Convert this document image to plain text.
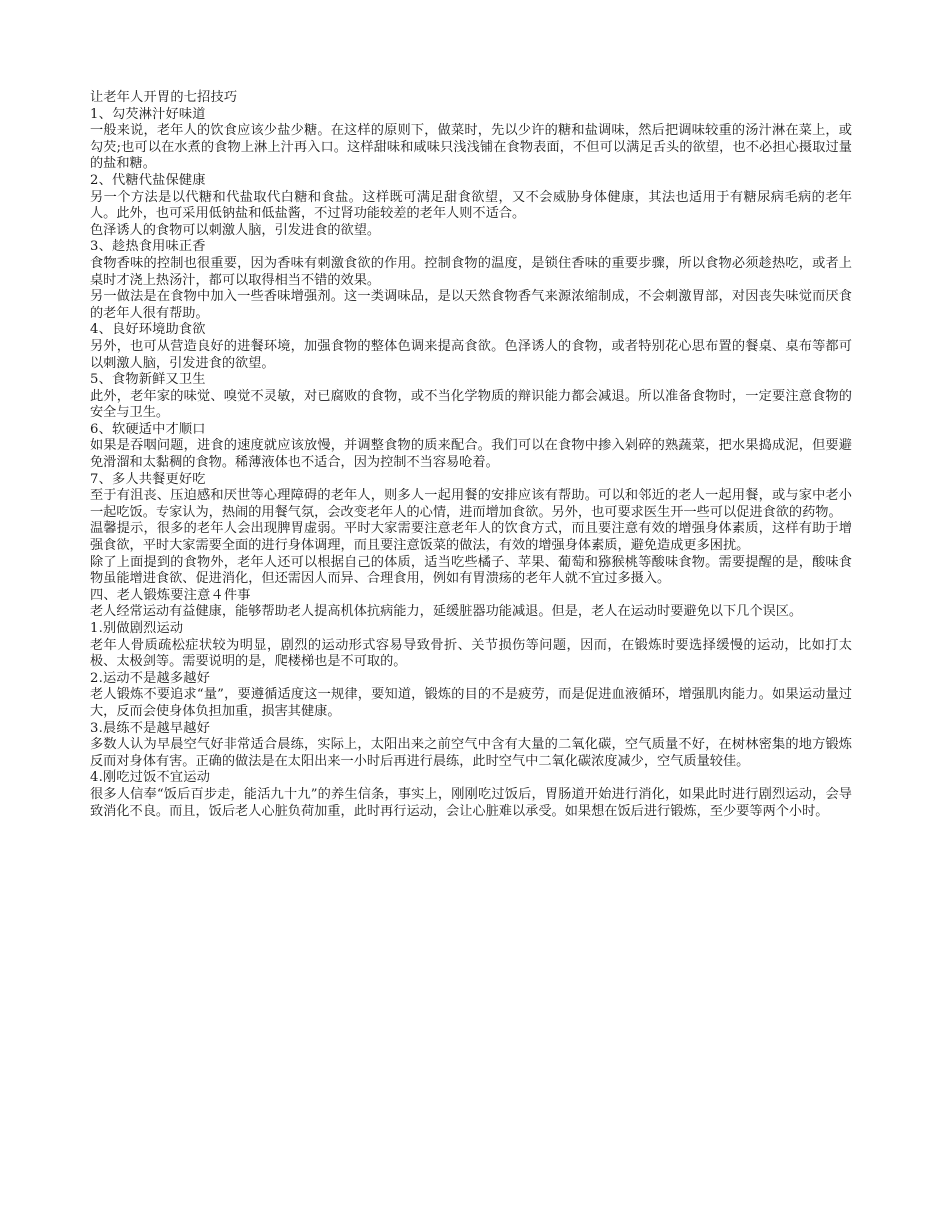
让老年人开胃的七招技巧

1、勾芡淋汁好味道

一般来说，老年人的饮食应该少盐少糖。在这样的原则下，做菜时，先以少许的糖和盐调味，然后把调味较重的汤汁淋在菜上，或勾芡;也可以在水煮的食物上淋上汁再入口。这样甜味和咸味只浅浅铺在食物表面，不但可以满足舌头的欲望，也不必担心摄取过量的盐和糖。

2、代糖代盐保健康

另一个方法是以代糖和代盐取代白糖和食盐。这样既可满足甜食欲望，又不会威胁身体健康，其法也适用于有糖尿病毛病的老年人。此外，也可采用低钠盐和低盐酱，不过肾功能较差的老年人则不适合。

色泽诱人的食物可以刺激人脑，引发进食的欲望。

3、趁热食用味正香

食物香味的控制也很重要，因为香味有刺激食欲的作用。控制食物的温度，是锁住香味的重要步骤，所以食物必须趁热吃，或者上桌时才浇上热汤汁，都可以取得相当不错的效果。

另一做法是在食物中加入一些香味增强剂。这一类调味品，是以天然食物香气来源浓缩制成，不会刺激胃部，对因丧失味觉而厌食的老年人很有帮助。

4、良好环境助食欲

另外，也可从营造良好的进餐环境，加强食物的整体色调来提高食欲。色泽诱人的食物，或者特别花心思布置的餐桌、桌布等都可以刺激人脑，引发进食的欲望。

5、食物新鲜又卫生

此外，老年家的味觉、嗅觉不灵敏，对已腐败的食物，或不当化学物质的辩识能力都会减退。所以准备食物时，一定要注意食物的安全与卫生。

6、软硬适中才顺口

如果是吞咽问题，进食的速度就应该放慢，并调整食物的质来配合。我们可以在食物中掺入剁碎的熟蔬菜，把水果捣成泥，但要避免滑溜和太黏稠的食物。稀薄液体也不适合，因为控制不当容易呛着。

7、多人共餐更好吃

至于有沮丧、压迫感和厌世等心理障碍的老年人，则多人一起用餐的安排应该有帮助。可以和邻近的老人一起用餐，或与家中老小一起吃饭。专家认为，热闹的用餐气氛，会改变老年人的心情，进而增加食欲。另外，也可要求医生开一些可以促进食欲的药物。

温馨提示，很多的老年人会出现脾胃虚弱。平时大家需要注意老年人的饮食方式，而且要注意有效的增强身体素质，这样有助于增强食欲，平时大家需要全面的进行身体调理，而且要注意饭菜的做法，有效的增强身体素质，避免造成更多困扰。

除了上面提到的食物外，老年人还可以根据自己的体质，适当吃些橘子、苹果、葡萄和猕猴桃等酸味食物。需要提醒的是，酸味食物虽能增进食欲、促进消化，但还需因人而异、合理食用，例如有胃溃疡的老年人就不宜过多摄入。

四、老人锻炼要注意４件事

老人经常运动有益健康，能够帮助老人提高机体抗病能力，延缓脏器功能减退。但是，老人在运动时要避免以下几个误区。

1.别做剧烈运动

老年人骨质疏松症状较为明显，剧烈的运动形式容易导致骨折、关节损伤等问题，因而，在锻炼时要选择缓慢的运动，比如打太极、太极剑等。需要说明的是，爬楼梯也是不可取的。

2.运动不是越多越好

老人锻炼不要追求“量”，要遵循适度这一规律，要知道，锻炼的目的不是疲劳，而是促进血液循环，增强肌肉能力。如果运动量过大，反而会使身体负担加重，损害其健康。

3.晨练不是越早越好

多数人认为早晨空气好非常适合晨练，实际上，太阳出来之前空气中含有大量的二氧化碳，空气质量不好，在树林密集的地方锻炼反而对身体有害。正确的做法是在太阳出来一小时后再进行晨练，此时空气中二氧化碳浓度减少，空气质量较佳。

4.刚吃过饭不宜运动

很多人信奉“饭后百步走，能活九十九”的养生信条，事实上，刚刚吃过饭后，胃肠道开始进行消化，如果此时进行剧烈运动，会导致消化不良。而且，饭后老人心脏负荷加重，此时再行运动，会让心脏难以承受。如果想在饭后进行锻炼，至少要等两个小时。
